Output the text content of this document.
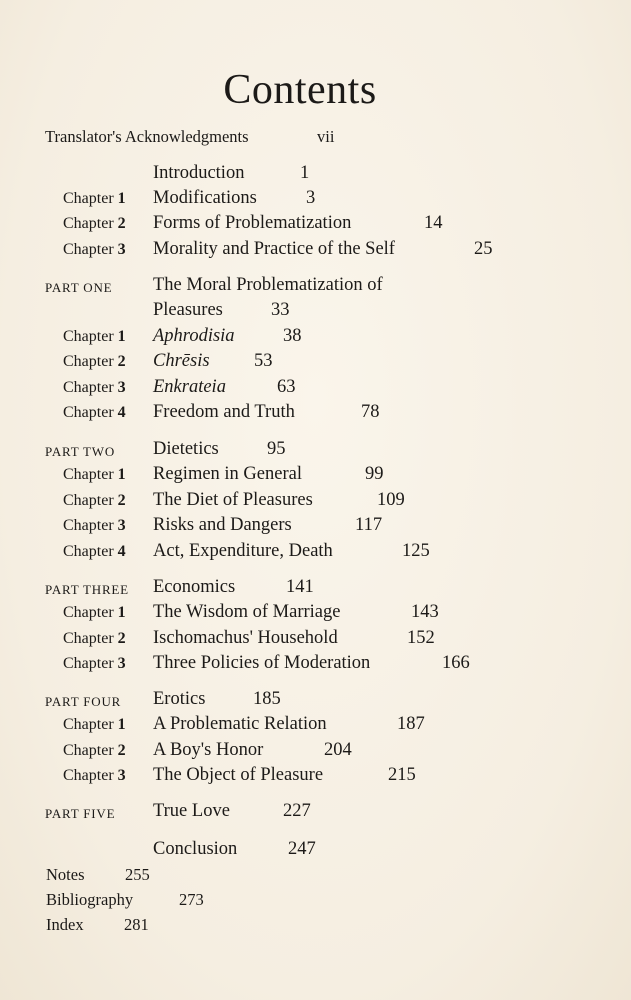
Contents
Translator's Acknowledgments	vii
Introduction	1
Chapter 1 Modifications	3
Chapter 2 Forms of Problematization	14
Chapter 3 Morality and Practice of the Self	25
PART ONE The Moral Problematization of
Pleasures	33
Chapter 1 Aphrodisia	38
Chapter 2 Chrēsis 53
Chapter 3 Enkrateia	63
Chapter 4 Freedom and Truth	78
PART TWO Dietetics	95
Chapter 1 Regimen in General	99
Chapter 2 The Diet of Pleasures	109
Chapter 3 Risks and Dangers	117
Chapter 4 Act, Expenditure, Death	125
PART THREE Economics	141
Chapter 1 The Wisdom of Marriage	143
Chapter 2 Ischomachus' Household	152
Chapter 3 Three Policies of Moderation	166
PART FOUR Erotics	185
Chapter 1 A Problematic Relation	187
Chapter 2 A Boy's Honor	204
Chapter 3 The Object of Pleasure	215
PART FIVE True Love	227
Conclusion	247
Notes 255
Bibliography	273
Index 281
